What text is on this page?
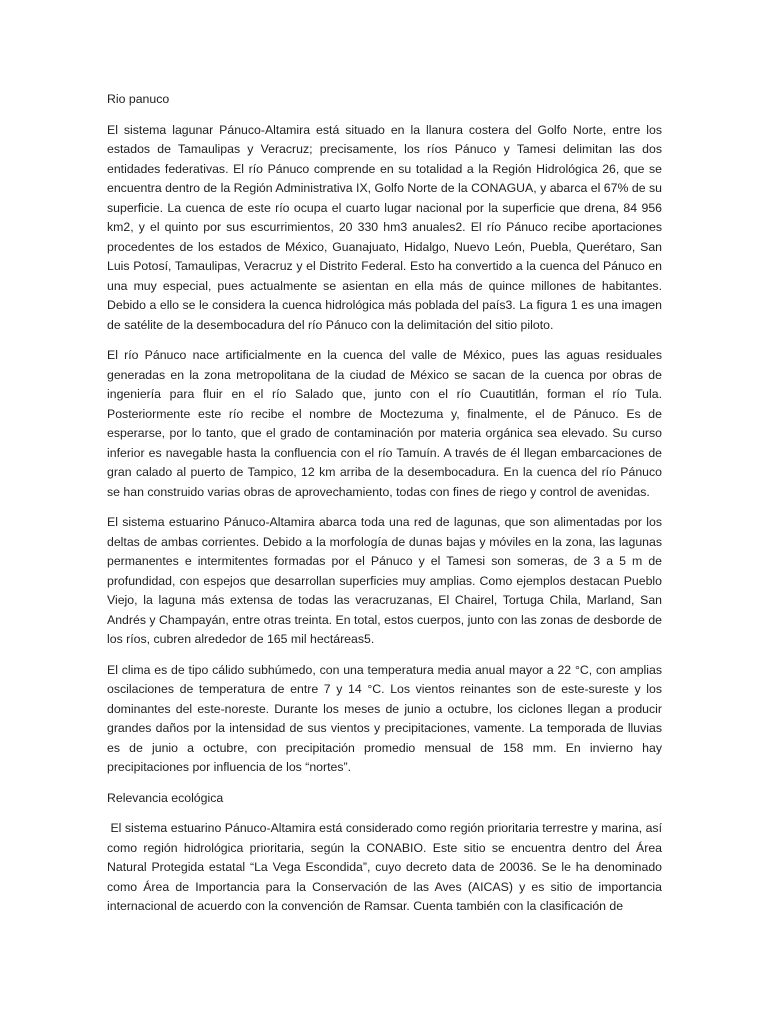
Rio panuco

El sistema lagunar Pánuco-Altamira está situado en la llanura costera del Golfo Norte, entre los estados de Tamaulipas y Veracruz; precisamente, los ríos Pánuco y Tamesi delimitan las dos entidades federativas. El río Pánuco comprende en su totalidad a la Región Hidrológica 26, que se encuentra dentro de la Región Administrativa IX, Golfo Norte de la CONAGUA, y abarca el 67% de su superficie. La cuenca de este río ocupa el cuarto lugar nacional por la superficie que drena, 84 956 km2, y el quinto por sus escurrimientos, 20 330 hm3 anuales2. El río Pánuco recibe aportaciones procedentes de los estados de México, Guanajuato, Hidalgo, Nuevo León, Puebla, Querétaro, San Luis Potosí, Tamaulipas, Veracruz y el Distrito Federal. Esto ha convertido a la cuenca del Pánuco en una muy especial, pues actualmente se asientan en ella más de quince millones de habitantes. Debido a ello se le considera la cuenca hidrológica más poblada del país3. La figura 1 es una imagen de satélite de la desembocadura del río Pánuco con la delimitación del sitio piloto.

El río Pánuco nace artificialmente en la cuenca del valle de México, pues las aguas residuales generadas en la zona metropolitana de la ciudad de México se sacan de la cuenca por obras de ingeniería para fluir en el río Salado que, junto con el río Cuautitlán, forman el río Tula. Posteriormente este río recibe el nombre de Moctezuma y, finalmente, el de Pánuco. Es de esperarse, por lo tanto, que el grado de contaminación por materia orgánica sea elevado. Su curso inferior es navegable hasta la confluencia con el río Tamuín. A través de él llegan embarcaciones de gran calado al puerto de Tampico, 12 km arriba de la desembocadura. En la cuenca del río Pánuco se han construido varias obras de aprovechamiento, todas con fines de riego y control de avenidas.

El sistema estuarino Pánuco-Altamira abarca toda una red de lagunas, que son alimentadas por los deltas de ambas corrientes. Debido a la morfología de dunas bajas y móviles en la zona, las lagunas permanentes e intermitentes formadas por el Pánuco y el Tamesi son someras, de 3 a 5 m de profundidad, con espejos que desarrollan superficies muy amplias. Como ejemplos destacan Pueblo Viejo, la laguna más extensa de todas las veracruzanas, El Chairel, Tortuga Chila, Marland, San Andrés y Champayán, entre otras treinta. En total, estos cuerpos, junto con las zonas de desborde de los ríos, cubren alrededor de 165 mil hectáreas5.

El clima es de tipo cálido subhúmedo, con una temperatura media anual mayor a 22 °C, con amplias oscilaciones de temperatura de entre 7 y 14 °C. Los vientos reinantes son de este-sureste y los dominantes del este-noreste. Durante los meses de junio a octubre, los ciclones llegan a producir grandes daños por la intensidad de sus vientos y precipitaciones, vamente. La temporada de lluvias es de junio a octubre, con precipitación promedio mensual de 158 mm. En invierno hay precipitaciones por influencia de los “nortes”.

Relevancia ecológica

El sistema estuarino Pánuco-Altamira está considerado como región prioritaria terrestre y marina, así como región hidrológica prioritaria, según la CONABIO. Este sitio se encuentra dentro del Área Natural Protegida estatal “La Vega Escondida”, cuyo decreto data de 20036. Se le ha denominado como Área de Importancia para la Conservación de las Aves (AICAS) y es sitio de importancia internacional de acuerdo con la convención de Ramsar. Cuenta también con la clasificación de
